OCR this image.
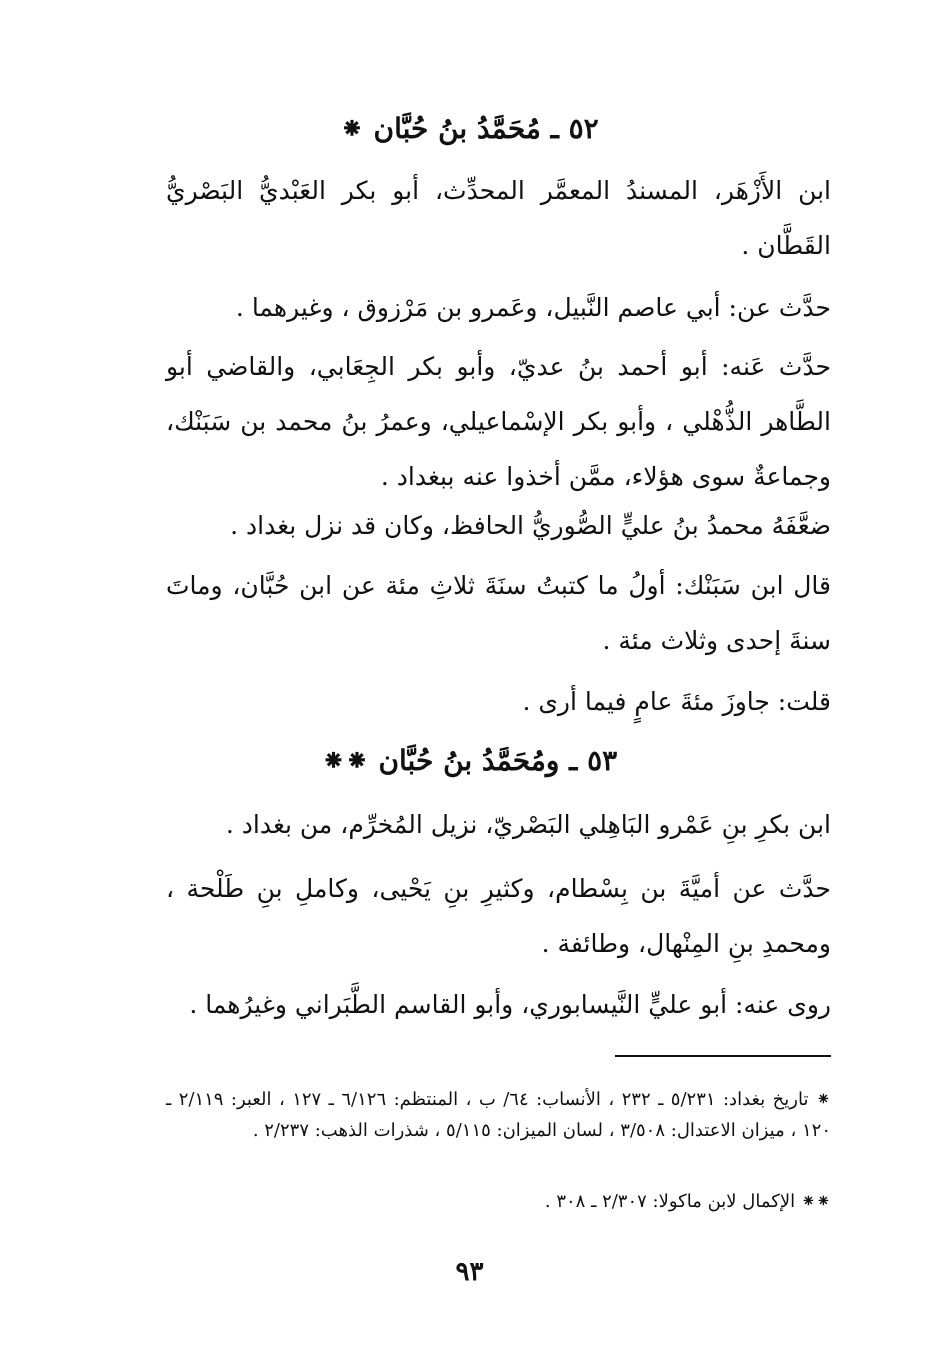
٥٢ ـ مُحَمَّدُ بنُ حُبَّان ⁕

ابن الأَزْهَر، المسندُ المعمَّر المحدِّث، أبو بكر العَبْديُّ البَصْريُّ القَطَّان .

حدَّث عن: أبي عاصم النَّبيل، وعَمرو بن مَرْزوق ، وغيرهما .

حدَّث عَنه: أبو أحمد بنُ عديّ، وأبو بكر الجِعَابي، والقاضي أبو الطَّاهر الذُّهْلي ، وأبو بكر الإسْماعيلي، وعمرُ بنُ محمد بن سَبَنْك، وجماعةٌ سوى هؤلاء، ممَّن أخذوا عنه ببغداد .

ضعَّفَهُ محمدُ بنُ عليٍّ الصُّوريُّ الحافظ، وكان قد نزل بغداد .

قال ابن سَبَنْك: أولُ ما كتبتُ سنَةَ ثلاثِ مئة عن ابن حُبَّان، وماتَ سنةَ إحدى وثلاث مئة .

قلت: جاوزَ مئةَ عامٍ فيما أرى .

٥٣ ـ ومُحَمَّدُ بنُ حُبَّان ⁕⁕

ابن بكرِ بنِ عَمْرو البَاهِلي البَصْريّ، نزيل المُخرِّم، من بغداد .

حدَّث عن أميَّةَ بن بِسْطام، وكثيرِ بنِ يَحْيى، وكاملِ بنِ طَلْحة ، ومحمدِ بنِ المِنْهال، وطائفة .

روى عنه: أبو عليٍّ النَّيسابوري، وأبو القاسم الطَّبَراني وغيرُهما .

⁕ تاريخ بغداد: ٥/٢٣١ ـ ٢٣٢ ، الأنساب: ٦٤/ ب ، المنتظم: ٦/١٢٦ ـ ١٢٧ ، العبر: ٢/١١٩ ـ ١٢٠ ، ميزان الاعتدال: ٣/٥٠٨ ، لسان الميزان: ٥/١١٥ ، شذرات الذهب: ٢/٢٣٧ .

⁕⁕ الإكمال لابن ماكولا: ٢/٣٠٧ ـ ٣٠٨ .

٩٣
